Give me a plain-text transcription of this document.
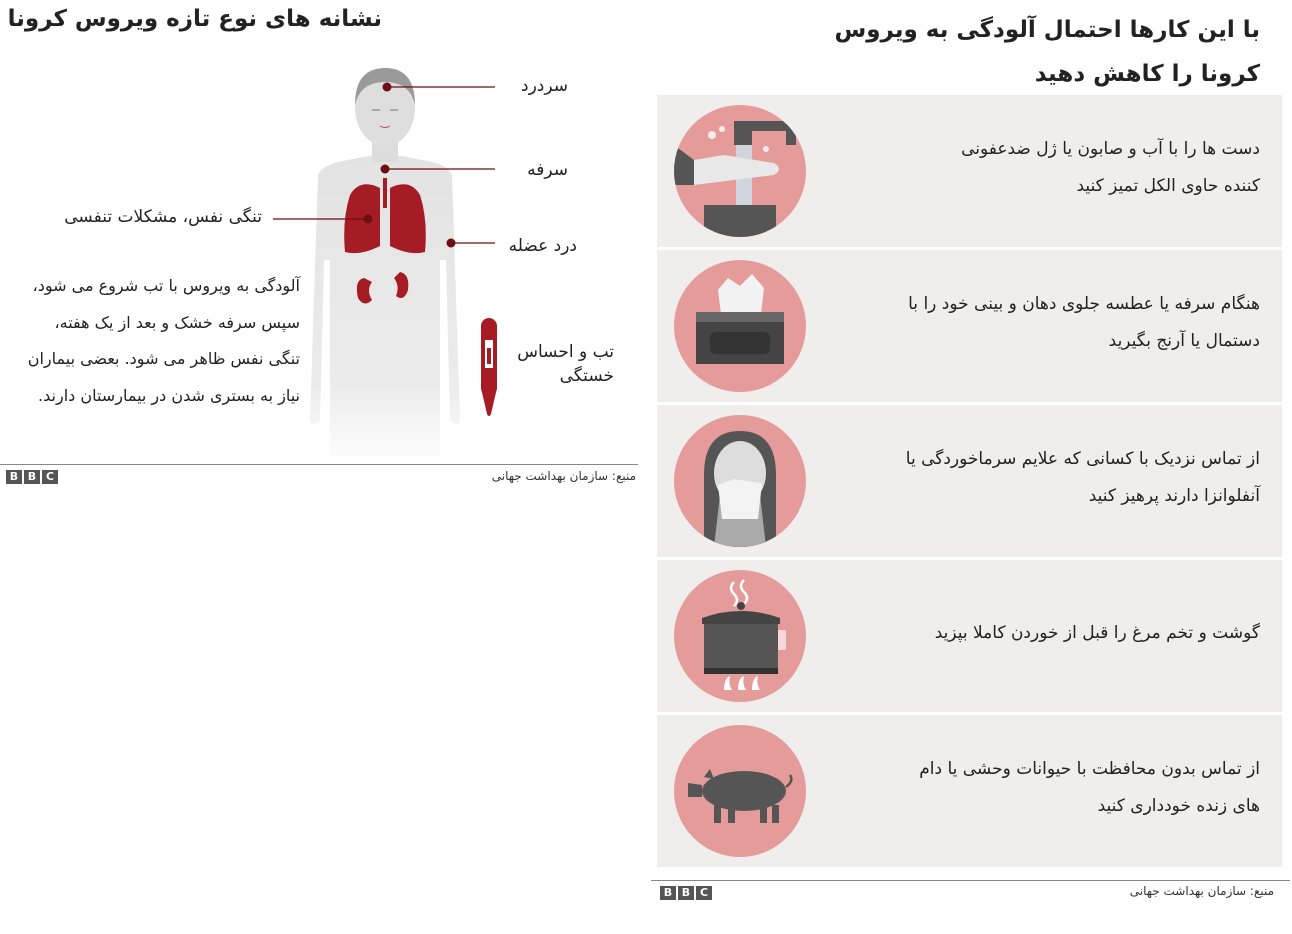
نشانه های نوع تازه ویروس کرونا
سردرد
سرفه
تنگی نفس، مشکلات تنفسی
درد عضله
تب و احساس خستگی
آلودگی به ویروس با تب شروع می شود، سپس سرفه خشک و بعد از یک هفته، تنگی نفس ظاهر می شود. بعضی بیماران نیاز به بستری شدن در بیمارستان دارند.
B B C	منبع: سازمان بهداشت جهانی
با این کارها احتمال آلودگی به ویروس کرونا را کاهش دهید
دست ها را با آب و صابون یا ژل ضدعفونی کننده حاوی الکل تمیز کنید
هنگام سرفه یا عطسه جلوی دهان و بینی خود را با دستمال یا آرنج بگیرید
از تماس نزدیک با کسانی که علایم سرماخوردگی یا آنفلوانزا دارند پرهیز کنید
گوشت و تخم مرغ را قبل از خوردن کاملا بپزید
از تماس بدون محافظت با حیوانات وحشی یا دام های زنده خودداری کنید
B B C	منبع: سازمان بهداشت جهانی
